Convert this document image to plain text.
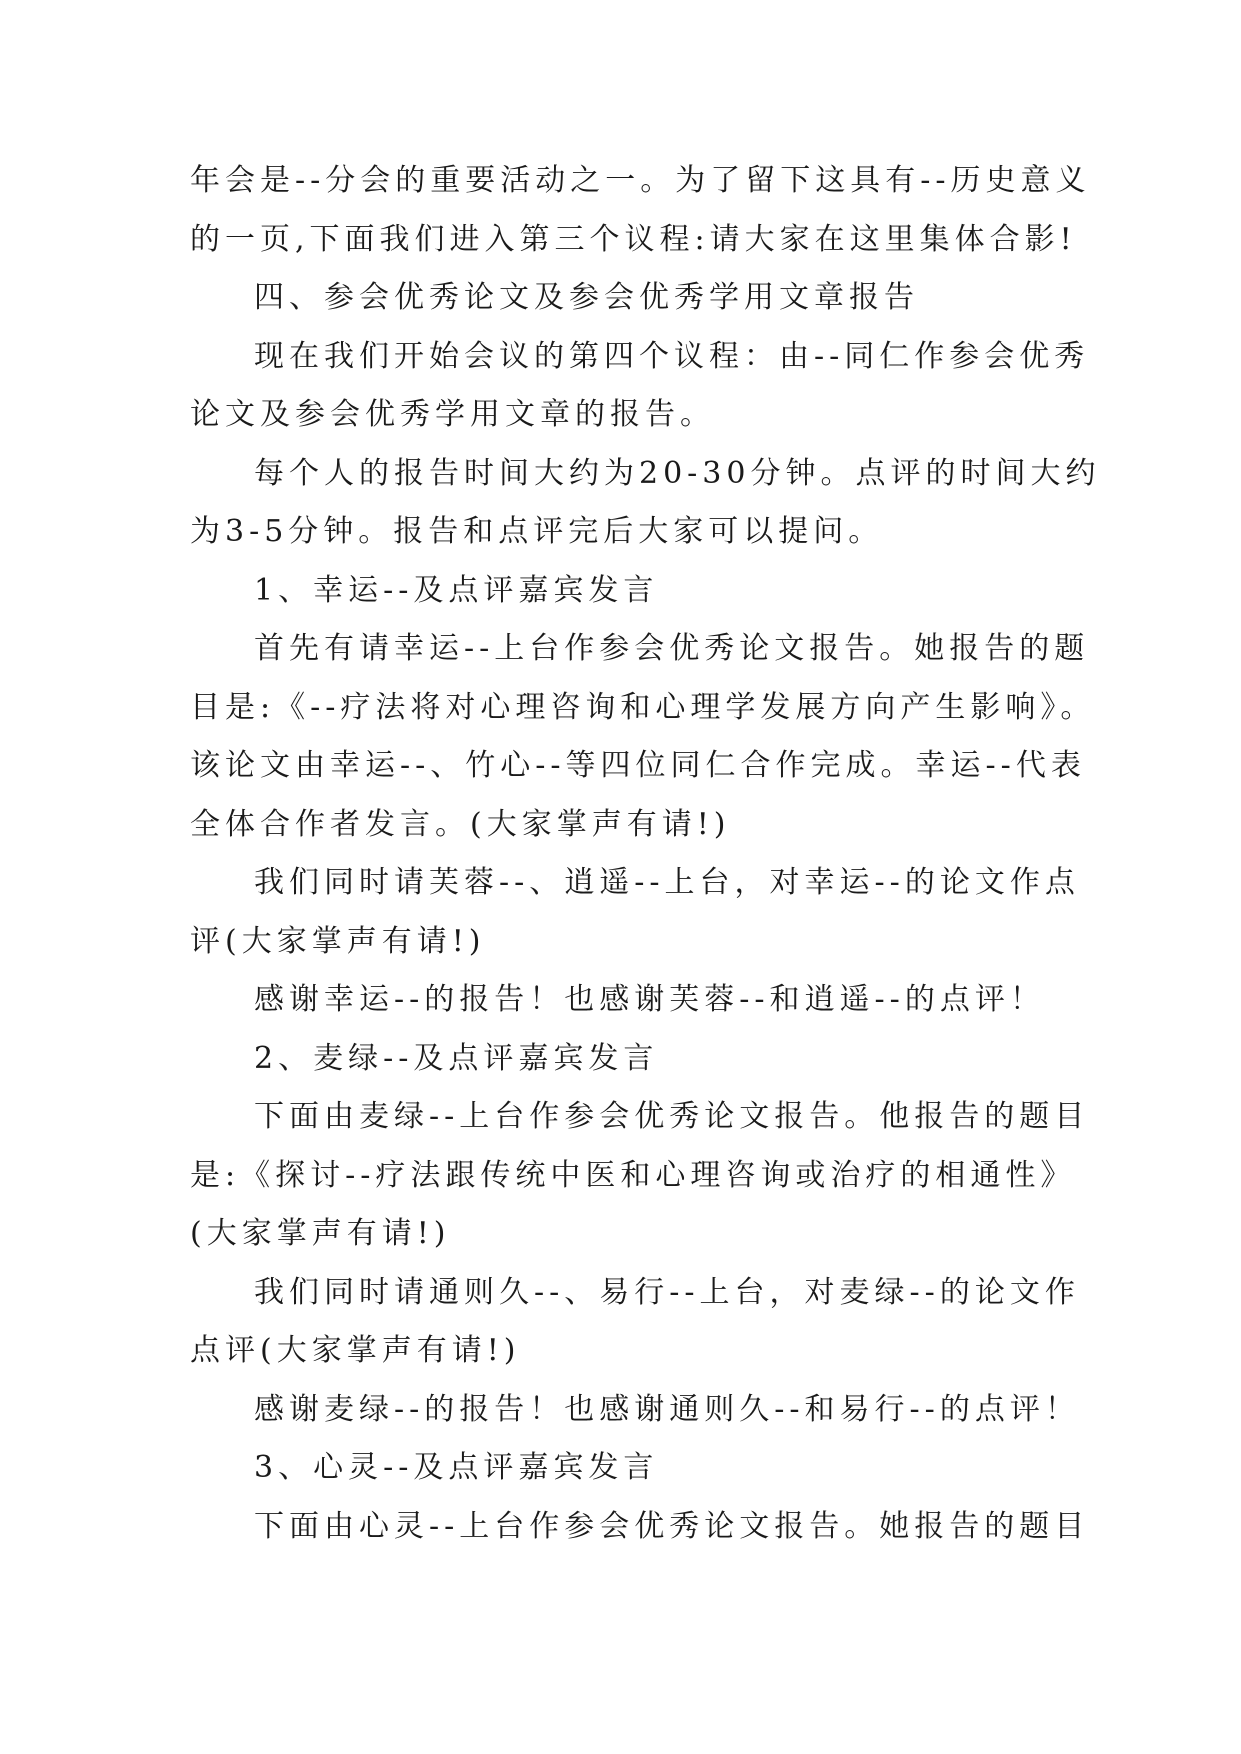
年会是--分会的重要活动之一。为了留下这具有--历史意义

的一页,下面我们进入第三个议程:请大家在这里集体合影!

四、参会优秀论文及参会优秀学用文章报告

现在我们开始会议的第四个议程：由--同仁作参会优秀

论文及参会优秀学用文章的报告。

每个人的报告时间大约为20-30分钟。点评的时间大约

为3-5分钟。报告和点评完后大家可以提问。

1、幸运--及点评嘉宾发言

首先有请幸运--上台作参会优秀论文报告。她报告的题

目是:《--疗法将对心理咨询和心理学发展方向产生影响》。

该论文由幸运--、竹心--等四位同仁合作完成。幸运--代表

全体合作者发言。(大家掌声有请!)

我们同时请芙蓉--、逍遥--上台，对幸运--的论文作点

评(大家掌声有请!)

感谢幸运--的报告！也感谢芙蓉--和逍遥--的点评！

2、麦绿--及点评嘉宾发言

下面由麦绿--上台作参会优秀论文报告。他报告的题目

是:《探讨--疗法跟传统中医和心理咨询或治疗的相通性》

(大家掌声有请!)

我们同时请通则久--、易行--上台，对麦绿--的论文作

点评(大家掌声有请!)

感谢麦绿--的报告！也感谢通则久--和易行--的点评！

3、心灵--及点评嘉宾发言

下面由心灵--上台作参会优秀论文报告。她报告的题目
